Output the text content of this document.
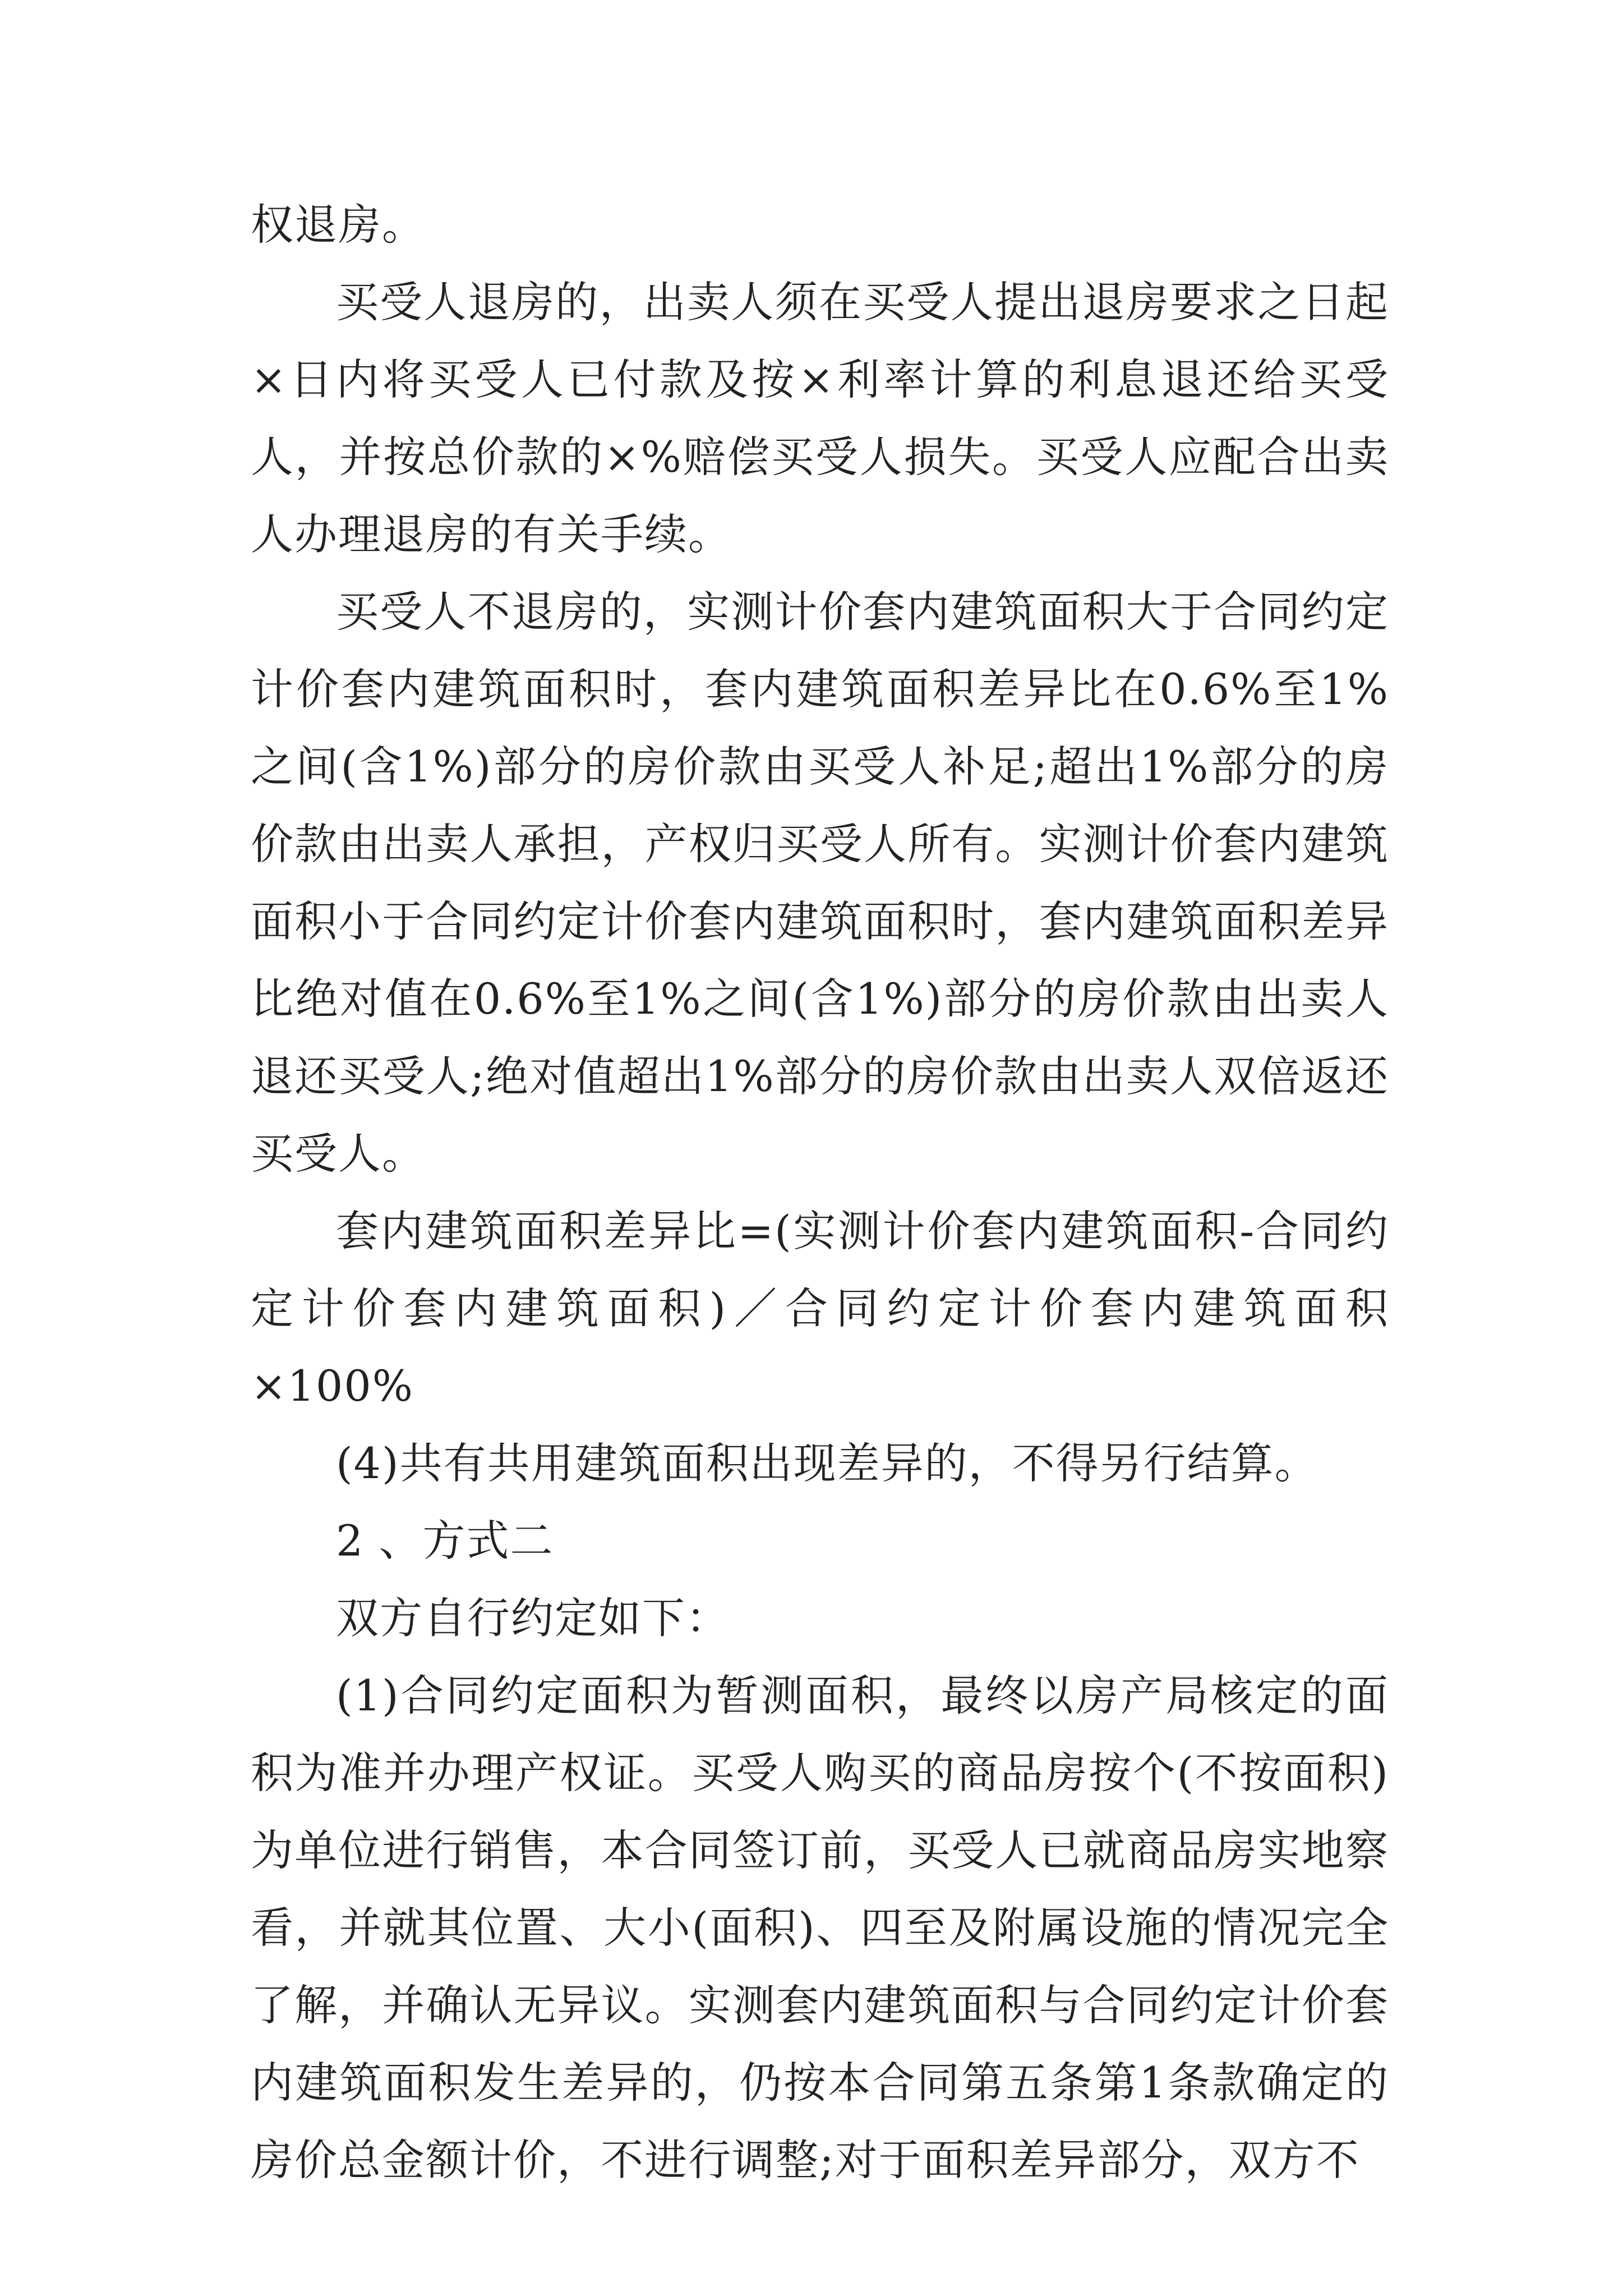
权退房。

买受人退房的，出卖人须在买受人提出退房要求之日起×日内将买受人已付款及按×利率计算的利息退还给买受人，并按总价款的×%赔偿买受人损失。买受人应配合出卖人办理退房的有关手续。

买受人不退房的，实测计价套内建筑面积大于合同约定计价套内建筑面积时，套内建筑面积差异比在0.6%至1%之间(含1%)部分的房价款由买受人补足;超出1%部分的房价款由出卖人承担，产权归买受人所有。实测计价套内建筑面积小于合同约定计价套内建筑面积时，套内建筑面积差异比绝对值在0.6%至1%之间(含1%)部分的房价款由出卖人退还买受人;绝对值超出1%部分的房价款由出卖人双倍返还买受人。

套内建筑面积差异比=(实测计价套内建筑面积-合同约定计价套内建筑面积)／合同约定计价套内建筑面积×100%

(4)共有共用建筑面积出现差异的，不得另行结算。

2 、方式二

双方自行约定如下：

(1)合同约定面积为暂测面积，最终以房产局核定的面积为准并办理产权证。买受人购买的商品房按个(不按面积)为单位进行销售，本合同签订前，买受人已就商品房实地察看，并就其位置、大小(面积)、四至及附属设施的情况完全了解，并确认无异议。实测套内建筑面积与合同约定计价套内建筑面积发生差异的，仍按本合同第五条第1条款确定的房价总金额计价，不进行调整;对于面积差异部分，双方不
